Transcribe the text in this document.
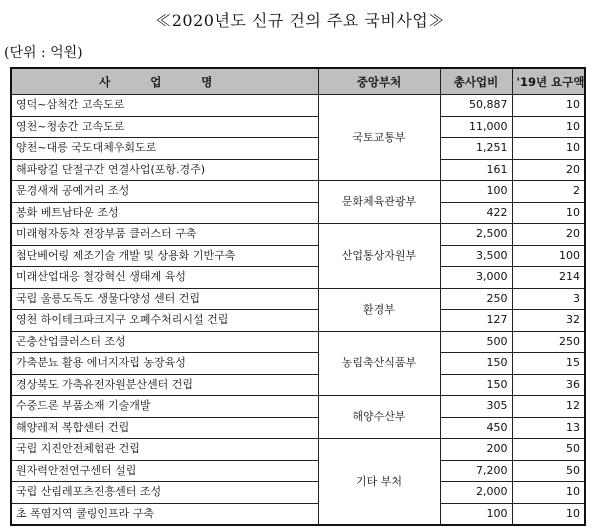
≪2020년도 신규 건의 주요 국비사업≫
(단위 : 억원)
사 업 명	중앙부처	총사업비	'19년 요구액
영덕~삼척간 고속도로	국토교통부	50,887	10
영천~청송간 고속도로		11,000	10
양천~대릉 국도대체우회도로		1,251	10
해파랑길 단절구간 연결사업(포항.경주)		161	20
문경새재 공예거리 조성	문화체육관광부	100	2
봉화 베트남타운 조성		422	10
미래형자동차 전장부품 클러스터 구축	산업통상자원부	2,500	20
첨단베어링 제조기술 개발 및 상용화 기반구축		3,500	100
미래산업대응 철강혁신 생태계 육성		3,000	214
국립 울릉도독도 생물다양성 센터 건립	환경부	250	3
영천 하이테크파크지구 오폐수처리시설 건립		127	32
곤충산업클러스터 조성	농림축산식품부	500	250
가축분뇨 활용 에너지자립 농장육성		150	15
경상북도 가축유전자원분산센터 건립		150	36
수중드론 부품소재 기술개발	해양수산부	305	12
해양레저 복합센터 건립		450	13
국립 지진안전체험관 건립	기타 부처	200	50
원자력안전연구센터 설립		7,200	50
국립 산림레포츠진흥센터 조성		2,000	10
초 폭염지역 쿨링인프라 구축		100	10
